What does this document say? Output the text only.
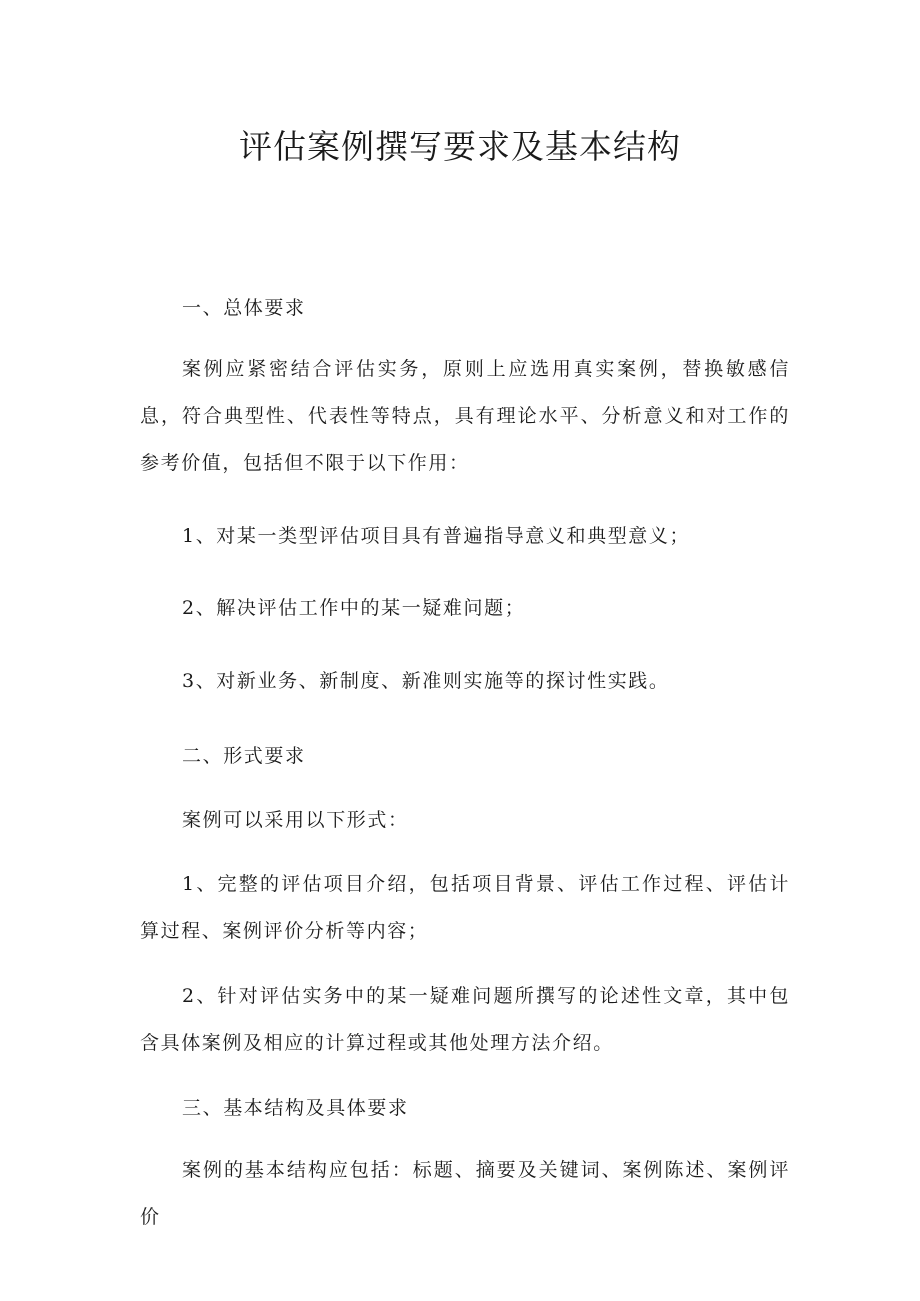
评估案例撰写要求及基本结构

一、总体要求

案例应紧密结合评估实务，原则上应选用真实案例，替换敏感信息，符合典型性、代表性等特点，具有理论水平、分析意义和对工作的参考价值，包括但不限于以下作用：

1、对某一类型评估项目具有普遍指导意义和典型意义；

2、解决评估工作中的某一疑难问题；

3、对新业务、新制度、新准则实施等的探讨性实践。

二、形式要求

案例可以采用以下形式：

1、完整的评估项目介绍，包括项目背景、评估工作过程、评估计算过程、案例评价分析等内容；

2、针对评估实务中的某一疑难问题所撰写的论述性文章，其中包含具体案例及相应的计算过程或其他处理方法介绍。

三、基本结构及具体要求

案例的基本结构应包括：标题、摘要及关键词、案例陈述、案例评价
